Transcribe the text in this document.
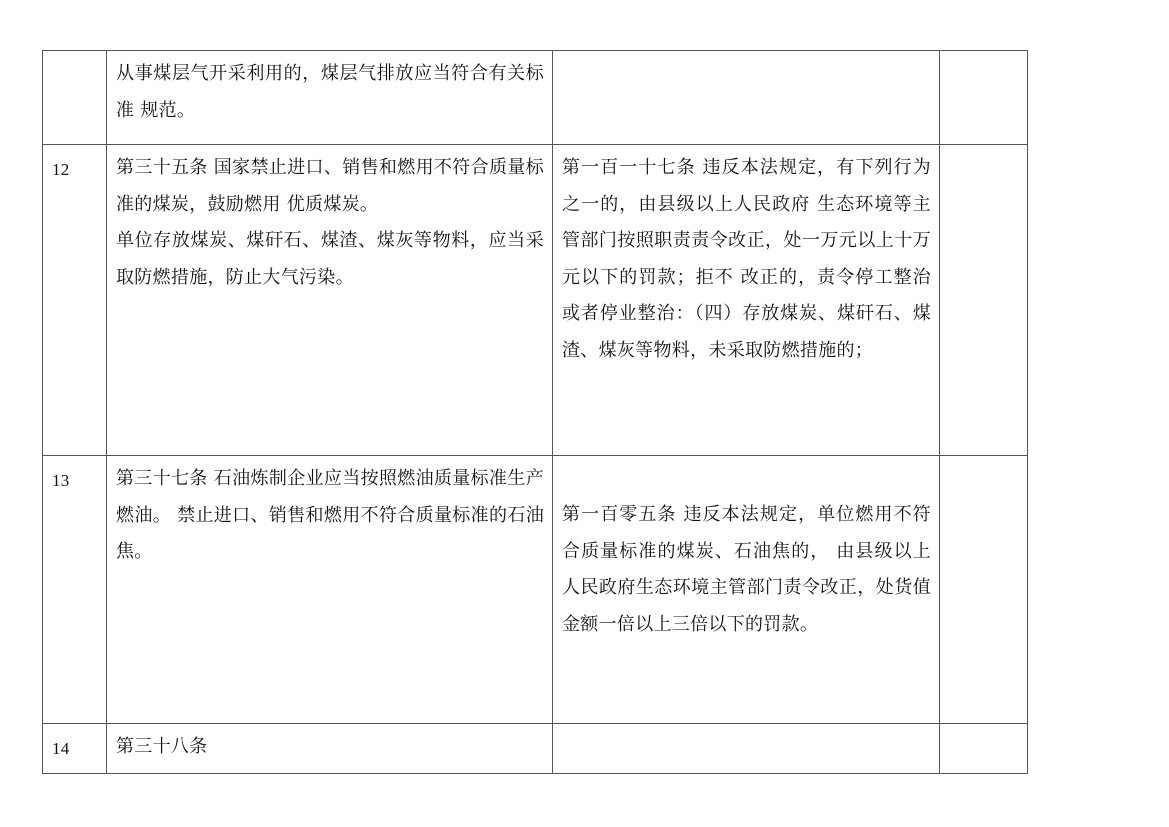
	从事煤层气开采利用的，煤层气排放应当符合有关标准 规范。		

12	第三十五条 国家禁止进口、销售和燃用不符合质量标准的煤炭，鼓励燃用 优质煤炭。
单位存放煤炭、煤矸石、煤渣、煤灰等物料，应当采取防燃措施，防止大气污染。	第一百一十七条 违反本法规定，有下列行为之一的，由县级以上人民政府 生态环境等主管部门按照职责责令改正，处一万元以上十万元以下的罚款；拒不 改正的，责令停工整治或者停业整治：（四）存放煤炭、煤矸石、煤渣、煤灰等物料，未采取防燃措施的；	

13	第三十七条 石油炼制企业应当按照燃油质量标准生产燃油。 禁止进口、销售和燃用不符合质量标准的石油焦。	第一百零五条 违反本法规定，单位燃用不符合质量标准的煤炭、石油焦的， 由县级以上人民政府生态环境主管部门责令改正，处货值金额一倍以上三倍以下的罚款。	

14	第三十八条		
